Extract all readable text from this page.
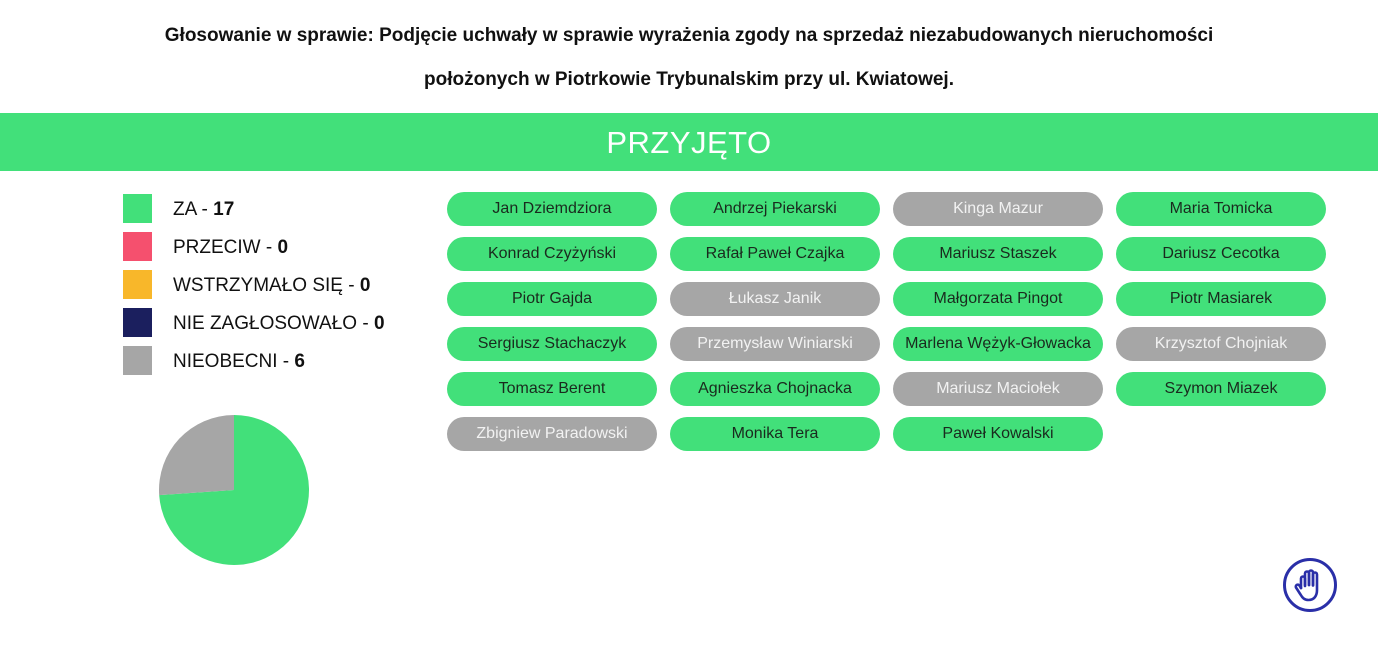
Głosowanie w sprawie: Podjęcie uchwały w sprawie wyrażenia zgody na sprzedaż niezabudowanych nieruchomości
położonych w Piotrkowie Trybunalskim przy ul. Kwiatowej.
PRZYJĘTO
ZA - 17
PRZECIW - 0
WSTRZYMAŁO SIĘ - 0
NIE ZAGŁOSOWAŁO - 0
NIEOBECNI - 6
Jan Dziemdziora	Andrzej Piekarski	Kinga Mazur	Maria Tomicka
Konrad Czyżyński	Rafał Paweł Czajka	Mariusz Staszek	Dariusz Cecotka
Piotr Gajda	Łukasz Janik	Małgorzata Pingot	Piotr Masiarek
Sergiusz Stachaczyk	Przemysław Winiarski	Marlena Wężyk-Głowacka	Krzysztof Chojniak
Tomasz Berent	Agnieszka Chojnacka	Mariusz Maciołek	Szymon Miazek
Zbigniew Paradowski	Monika Tera	Paweł Kowalski
